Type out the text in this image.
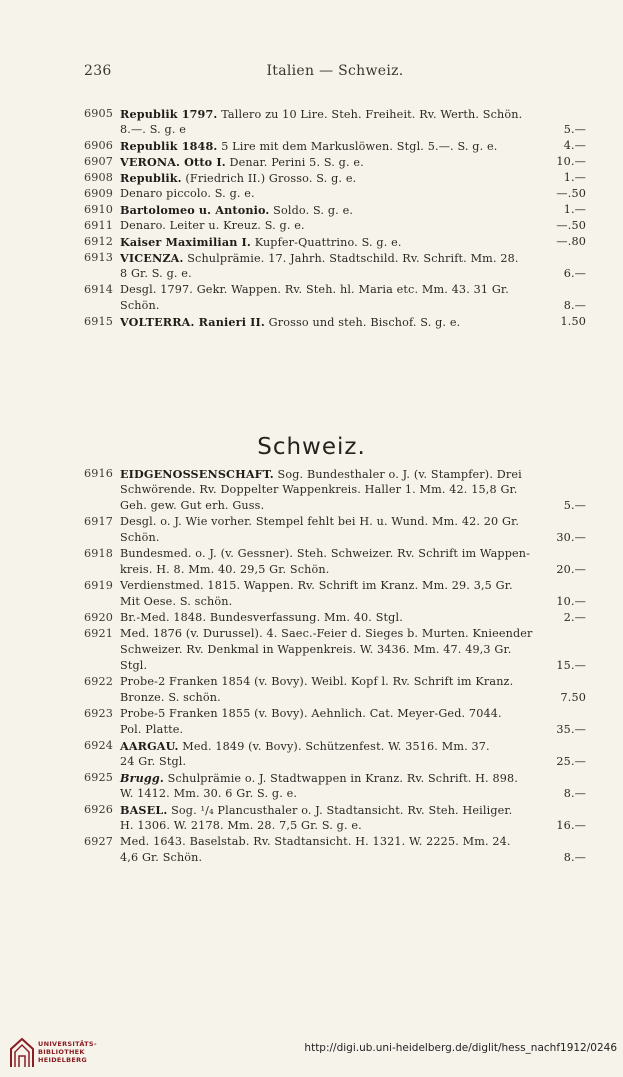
236	Italien — Schweiz.
6905 Republik 1797. Tallero zu 10 Lire. Steh. Freiheit. Rv. Werth. Schön.
8.—. S. g. e	5.—
6906 Republik 1848. 5 Lire mit dem Markuslöwen. Stgl. 5.—. S. g. e.	4.—
6907 VERONA. Otto I. Denar. Perini 5. S. g. e.	10.—
6908 Republik. (Friedrich II.) Grosso. S. g. e.	1.—
6909 Denaro piccolo. S. g. e.	—.50
6910 Bartolomeo u. Antonio. Soldo. S. g. e.	1.—
6911 Denaro. Leiter u. Kreuz. S. g. e.	—.50
6912 Kaiser Maximilian I. Kupfer-Quattrino. S. g. e.	—.80
6913 VICENZA. Schulprämie. 17. Jahrh. Stadtschild. Rv. Schrift. Mm. 28.
8 Gr. S. g. e.	6.—
6914 Desgl. 1797. Gekr. Wappen. Rv. Steh. hl. Maria etc. Mm. 43. 31 Gr.
Schön.	8.—
6915 VOLTERRA. Ranieri II. Grosso und steh. Bischof. S. g. e.	1.50
Schweiz.
6916 EIDGENOSSENSCHAFT. Sog. Bundesthaler o. J. (v. Stampfer). Drei
Schwörende. Rv. Doppelter Wappenkreis. Haller 1. Mm. 42. 15,8 Gr.
Geh. gew. Gut erh. Guss.	5.—
6917 Desgl. o. J. Wie vorher. Stempel fehlt bei H. u. Wund. Mm. 42. 20 Gr.
Schön.	30.—
6918 Bundesmed. o. J. (v. Gessner). Steh. Schweizer. Rv. Schrift im Wappen-
kreis. H. 8. Mm. 40. 29,5 Gr. Schön.	20.—
6919 Verdienstmed. 1815. Wappen. Rv. Schrift im Kranz. Mm. 29. 3,5 Gr.
Mit Oese. S. schön.	10.—
6920 Br.-Med. 1848. Bundesverfassung. Mm. 40. Stgl.	2.—
6921 Med. 1876 (v. Durussel). 4. Saec.-Feier d. Sieges b. Murten. Knieender
Schweizer. Rv. Denkmal in Wappenkreis. W. 3436. Mm. 47. 49,3 Gr.
Stgl.	15.—
6922 Probe-2 Franken 1854 (v. Bovy). Weibl. Kopf l. Rv. Schrift im Kranz.
Bronze. S. schön.	7.50
6923 Probe-5 Franken 1855 (v. Bovy). Aehnlich. Cat. Meyer-Ged. 7044.
Pol. Platte.	35.—
6924 AARGAU. Med. 1849 (v. Bovy). Schützenfest. W. 3516. Mm. 37.
24 Gr. Stgl.	25.—
6925 Brugg. Schulprämie o. J. Stadtwappen in Kranz. Rv. Schrift. H. 898.
W. 1412. Mm. 30. 6 Gr. S. g. e.	8.—
6926 BASEL. Sog. ¹/₄ Plancusthaler o. J. Stadtansicht. Rv. Steh. Heiliger.
H. 1306. W. 2178. Mm. 28. 7,5 Gr. S. g. e.	16.—
6927 Med. 1643. Baselstab. Rv. Stadtansicht. H. 1321. W. 2225. Mm. 24.
4,6 Gr. Schön.	8.—
UNIVERSITÄTS-
BIBLIOTHEK
HEIDELBERG
http://digi.ub.uni-heidelberg.de/diglit/hess_nachf1912/0246
